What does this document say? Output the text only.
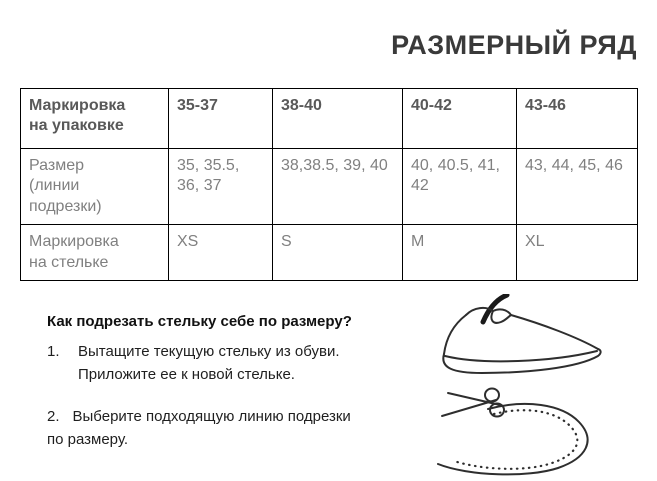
РАЗМЕРНЫЙ РЯД
Маркировка на упаковке	35-37	38-40	40-42	43-46
Размер (линии подрезки)	35, 35.5, 36, 37	38,38.5, 39, 40	40, 40.5, 41, 42	43, 44, 45, 46
Маркировка на стельке	XS	S	M	XL
Как подрезать стельку себе по размеру?
1.	Вытащите текущую стельку из обуви.
Приложите ее к новой стельке.
2. Выберите подходящую линию подрезки
по размеру.
